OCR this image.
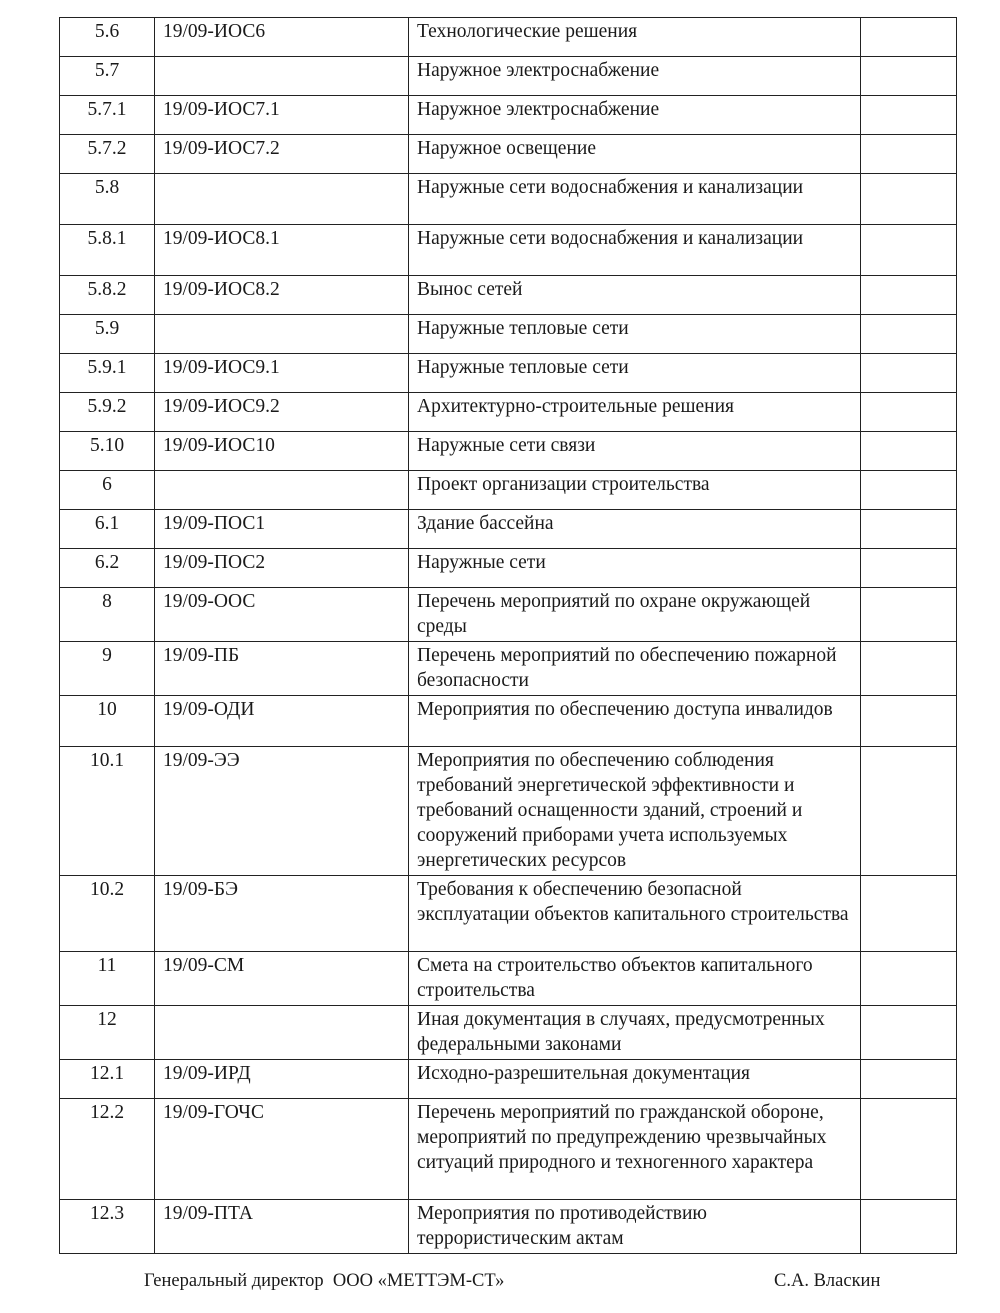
5.6	19/09-ИОС6	Технологические решения	
5.7		Наружное электроснабжение	
5.7.1	19/09-ИОС7.1	Наружное электроснабжение	
5.7.2	19/09-ИОС7.2	Наружное освещение	
5.8		Наружные сети водоснабжения и канализации	
5.8.1	19/09-ИОС8.1	Наружные сети водоснабжения и канализации	
5.8.2	19/09-ИОС8.2	Вынос сетей	
5.9		Наружные тепловые сети	
5.9.1	19/09-ИОС9.1	Наружные тепловые сети	
5.9.2	19/09-ИОС9.2	Архитектурно-строительные решения	
5.10	19/09-ИОС10	Наружные сети связи	
6		Проект организации строительства	
6.1	19/09-ПОС1	Здание бассейна	
6.2	19/09-ПОС2	Наружные сети	
8	19/09-ООС	Перечень мероприятий по охране окружающей среды	
9	19/09-ПБ	Перечень мероприятий по обеспечению пожарной безопасности	
10	19/09-ОДИ	Мероприятия по обеспечению доступа инвалидов	
10.1	19/09-ЭЭ	Мероприятия по обеспечению соблюдения требований энергетической эффективности и требований оснащенности зданий, строений и сооружений приборами учета используемых энергетических ресурсов	
10.2	19/09-БЭ	Требования к обеспечению безопасной эксплуатации объектов капитального строительства	
11	19/09-СМ	Смета на строительство объектов капитального строительства	
12		Иная документация в случаях, предусмотренных федеральными законами	
12.1	19/09-ИРД	Исходно-разрешительная документация	
12.2	19/09-ГОЧС	Перечень мероприятий по гражданской обороне, мероприятий по предупреждению чрезвычайных ситуаций природного и техногенного характера	
12.3	19/09-ПТА	Мероприятия по противодействию террористическим актам	
Генеральный директор  ООО «МЕТТЭМ-СТ»	С.А. Власкин
